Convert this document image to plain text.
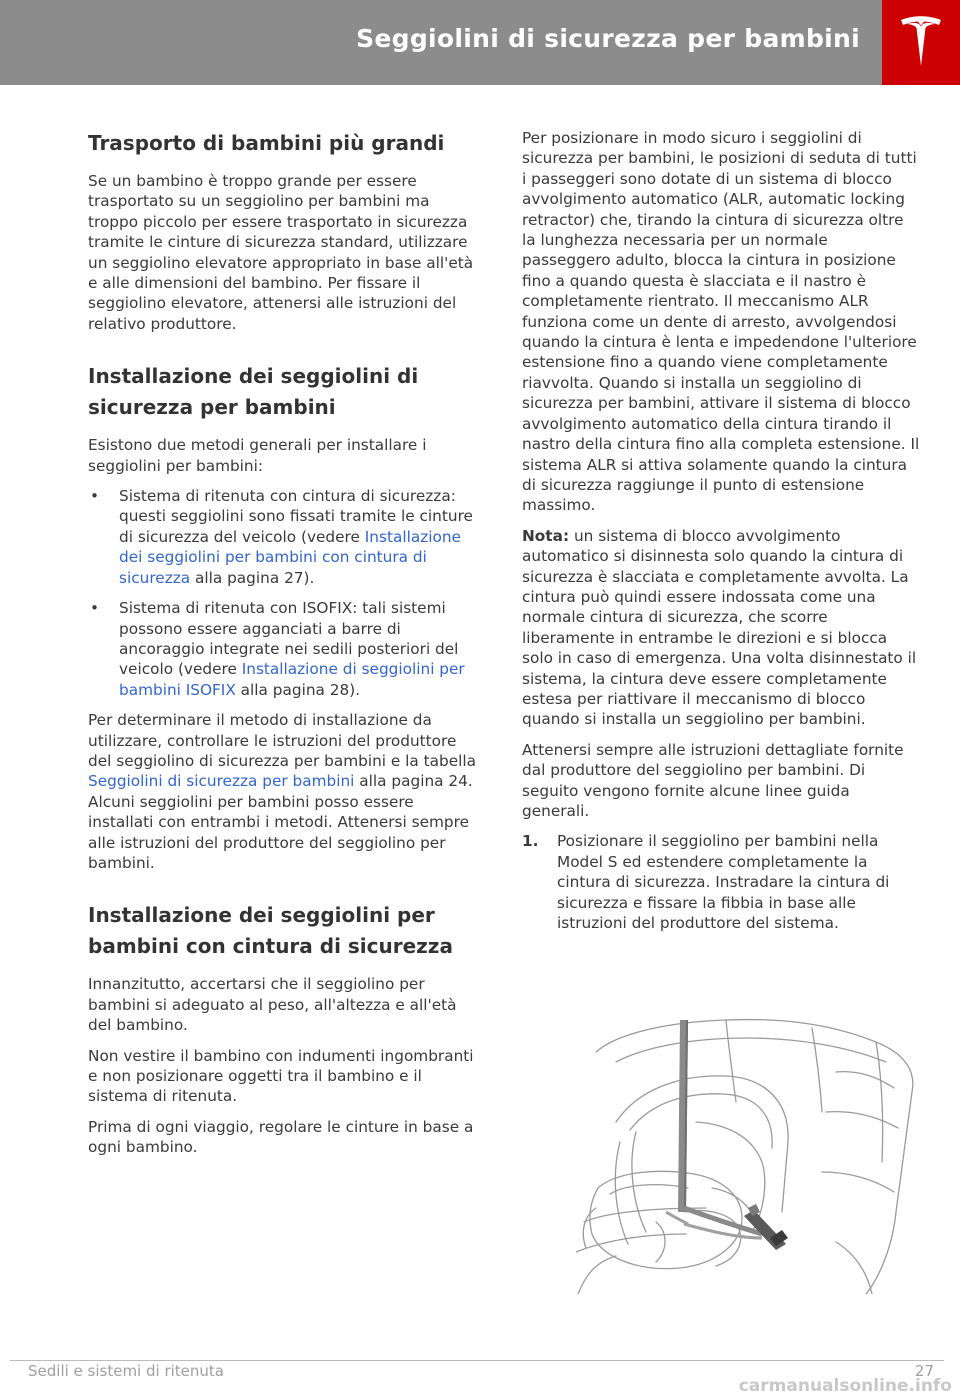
Seggiolini di sicurezza per bambini
Trasporto di bambini più grandi

Se un bambino è troppo grande per essere trasportato su un seggiolino per bambini ma troppo piccolo per essere trasportato in sicurezza tramite le cinture di sicurezza standard, utilizzare un seggiolino elevatore appropriato in base all'età e alle dimensioni del bambino. Per fissare il seggiolino elevatore, attenersi alle istruzioni del relativo produttore.

Installazione dei seggiolini di
sicurezza per bambini

Esistono due metodi generali per installare i seggiolini per bambini:

• Sistema di ritenuta con cintura di sicurezza: questi seggiolini sono fissati tramite le cinture di sicurezza del veicolo (vedere Installazione dei seggiolini per bambini con cintura di sicurezza alla pagina 27).
• Sistema di ritenuta con ISOFIX: tali sistemi possono essere agganciati a barre di ancoraggio integrate nei sedili posteriori del veicolo (vedere Installazione di seggiolini per bambini ISOFIX alla pagina 28).

Per determinare il metodo di installazione da utilizzare, controllare le istruzioni del produttore del seggiolino di sicurezza per bambini e la tabella Seggiolini di sicurezza per bambini alla pagina 24. Alcuni seggiolini per bambini posso essere installati con entrambi i metodi. Attenersi sempre alle istruzioni del produttore del seggiolino per bambini.

Installazione dei seggiolini per
bambini con cintura di sicurezza

Innanzitutto, accertarsi che il seggiolino per bambini si adeguato al peso, all'altezza e all'età del bambino.

Non vestire il bambino con indumenti ingombranti e non posizionare oggetti tra il bambino e il sistema di ritenuta.

Prima di ogni viaggio, regolare le cinture in base a ogni bambino.

Per posizionare in modo sicuro i seggiolini di sicurezza per bambini, le posizioni di seduta di tutti i passeggeri sono dotate di un sistema di blocco avvolgimento automatico (ALR, automatic locking retractor) che, tirando la cintura di sicurezza oltre la lunghezza necessaria per un normale passeggero adulto, blocca la cintura in posizione fino a quando questa è slacciata e il nastro è completamente rientrato. Il meccanismo ALR funziona come un dente di arresto, avvolgendosi quando la cintura è lenta e impedendone l'ulteriore estensione fino a quando viene completamente riavvolta. Quando si installa un seggiolino di sicurezza per bambini, attivare il sistema di blocco avvolgimento automatico della cintura tirando il nastro della cintura fino alla completa estensione. Il sistema ALR si attiva solamente quando la cintura di sicurezza raggiunge il punto di estensione massimo.

Nota: un sistema di blocco avvolgimento automatico si disinnesta solo quando la cintura di sicurezza è slacciata e completamente avvolta. La cintura può quindi essere indossata come una normale cintura di sicurezza, che scorre liberamente in entrambe le direzioni e si blocca solo in caso di emergenza. Una volta disinnestato il sistema, la cintura deve essere completamente estesa per riattivare il meccanismo di blocco quando si installa un seggiolino per bambini.

Attenersi sempre alle istruzioni dettagliate fornite dal produttore del seggiolino per bambini. Di seguito vengono fornite alcune linee guida generali.

1. Posizionare il seggiolino per bambini nella Model S ed estendere completamente la cintura di sicurezza. Instradare la cintura di sicurezza e fissare la fibbia in base alle istruzioni del produttore del sistema.
Sedili e sistemi di ritenuta	27
carmanualsonline.info
